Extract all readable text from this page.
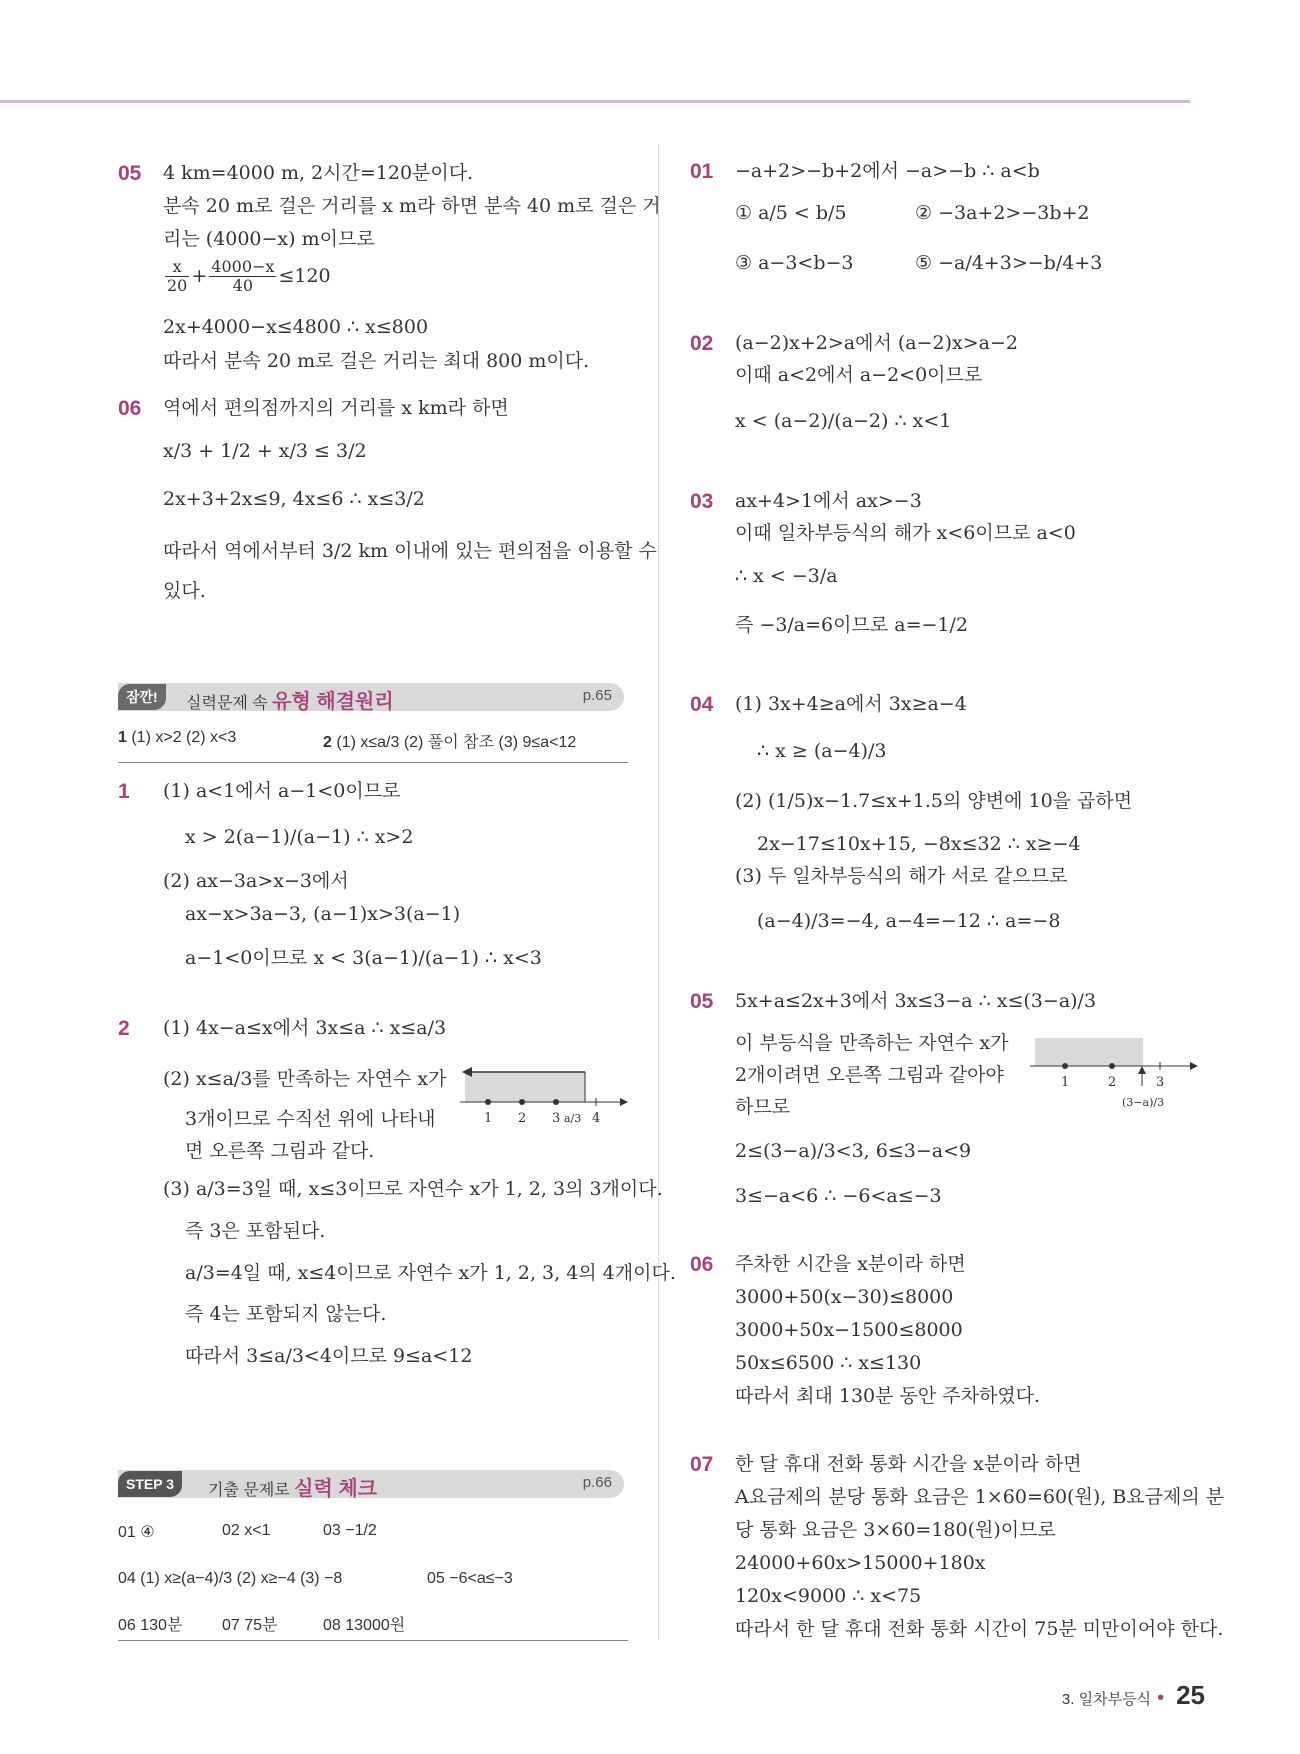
05 4 km=4000 m, 2시간=120분이다.
분속 20 m로 걸은 거리를 x m라 하면 분속 40 m로 걸은 거
리는 (4000−x) m이므로
$\frac{x}{20} + \frac{4000-x}{40} \le 120$
2x+4000−x≤4800 ∴ x≤800
따라서 분속 20 m로 걸은 거리는 최대 800 m이다.
06 역에서 편의점까지의 거리를 x km라 하면
x/3 + 1/2 + x/3 ≤ 3/2
2x+3+2x≤9, 4x≤6 ∴ x≤3/2
따라서 역에서부터 3/2 km 이내에 있는 편의점을 이용할 수
있다.
잠깐!	실력문제 속 유형 해결원리	p.65
1 (1) x>2 (2) x<3	2 (1) x≤a/3 (2) 풀이 참조 (3) 9≤a<12
1 (1) a<1에서 a−1<0이므로
x > 2(a−1)/(a−1) ∴ x>2
(2) ax−3a>x−3에서
ax−x>3a−3, (a−1)x>3(a−1)
a−1<0이므로 x < 3(a−1)/(a−1) ∴ x<3
2 (1) 4x−a≤x에서 3x≤a ∴ x≤a/3
(2) x≤a/3를 만족하는 자연수 x가
3개이므로 수직선 위에 나타내
면 오른쪽 그림과 같다.
1 2 3 4
a/3
(3) a/3=3일 때, x≤3이므로 자연수 x가 1, 2, 3의 3개이다.
즉 3은 포함된다.
a/3=4일 때, x≤4이므로 자연수 x가 1, 2, 3, 4의 4개이다.
즉 4는 포함되지 않는다.
따라서 3≤a/3<4이므로 9≤a<12
STEP 3	기출 문제로 실력 체크	p.66
01 ④	02 x<1	03 −1/2
04 (1) x≥(a−4)/3 (2) x≥−4 (3) −8	05 −6<a≤−3
06 130분 07 75분	08 13000원
01 −a+2>−b+2에서 −a>−b ∴ a<b
① a/5 < b/5	② −3a+2>−3b+2
③ a−3<b−3	⑤ −a/4+3>−b/4+3
02 (a−2)x+2>a에서 (a−2)x>a−2
이때 a<2에서 a−2<0이므로
x < (a−2)/(a−2) ∴ x<1
03 ax+4>1에서 ax>−3
이때 일차부등식의 해가 x<6이므로 a<0
∴ x < −3/a
즉 −3/a=6이므로 a=−1/2
04 (1) 3x+4≥a에서 3x≥a−4
∴ x ≥ (a−4)/3
(2) (1/5)x−1.7≤x+1.5의 양변에 10을 곱하면
2x−17≤10x+15, −8x≤32 ∴ x≥−4
(3) 두 일차부등식의 해가 서로 같으므로
(a−4)/3=−4, a−4=−12 ∴ a=−8
05 5x+a≤2x+3에서 3x≤3−a ∴ x≤(3−a)/3
이 부등식을 만족하는 자연수 x가
2개이려면 오른쪽 그림과 같아야
하므로
1	2	3
(3−a)/3
2≤(3−a)/3<3, 6≤3−a<9
3≤−a<6 ∴ −6<a≤−3
06 주차한 시간을 x분이라 하면
3000+50(x−30)≤8000
3000+50x−1500≤8000
50x≤6500 ∴ x≤130
따라서 최대 130분 동안 주차하였다.
07 한 달 휴대 전화 통화 시간을 x분이라 하면
A요금제의 분당 통화 요금은 1×60=60(원), B요금제의 분
당 통화 요금은 3×60=180(원)이므로
24000+60x>15000+180x
120x<9000 ∴ x<75
따라서 한 달 휴대 전화 통화 시간이 75분 미만이어야 한다.
3. 일차부등식 • 25
